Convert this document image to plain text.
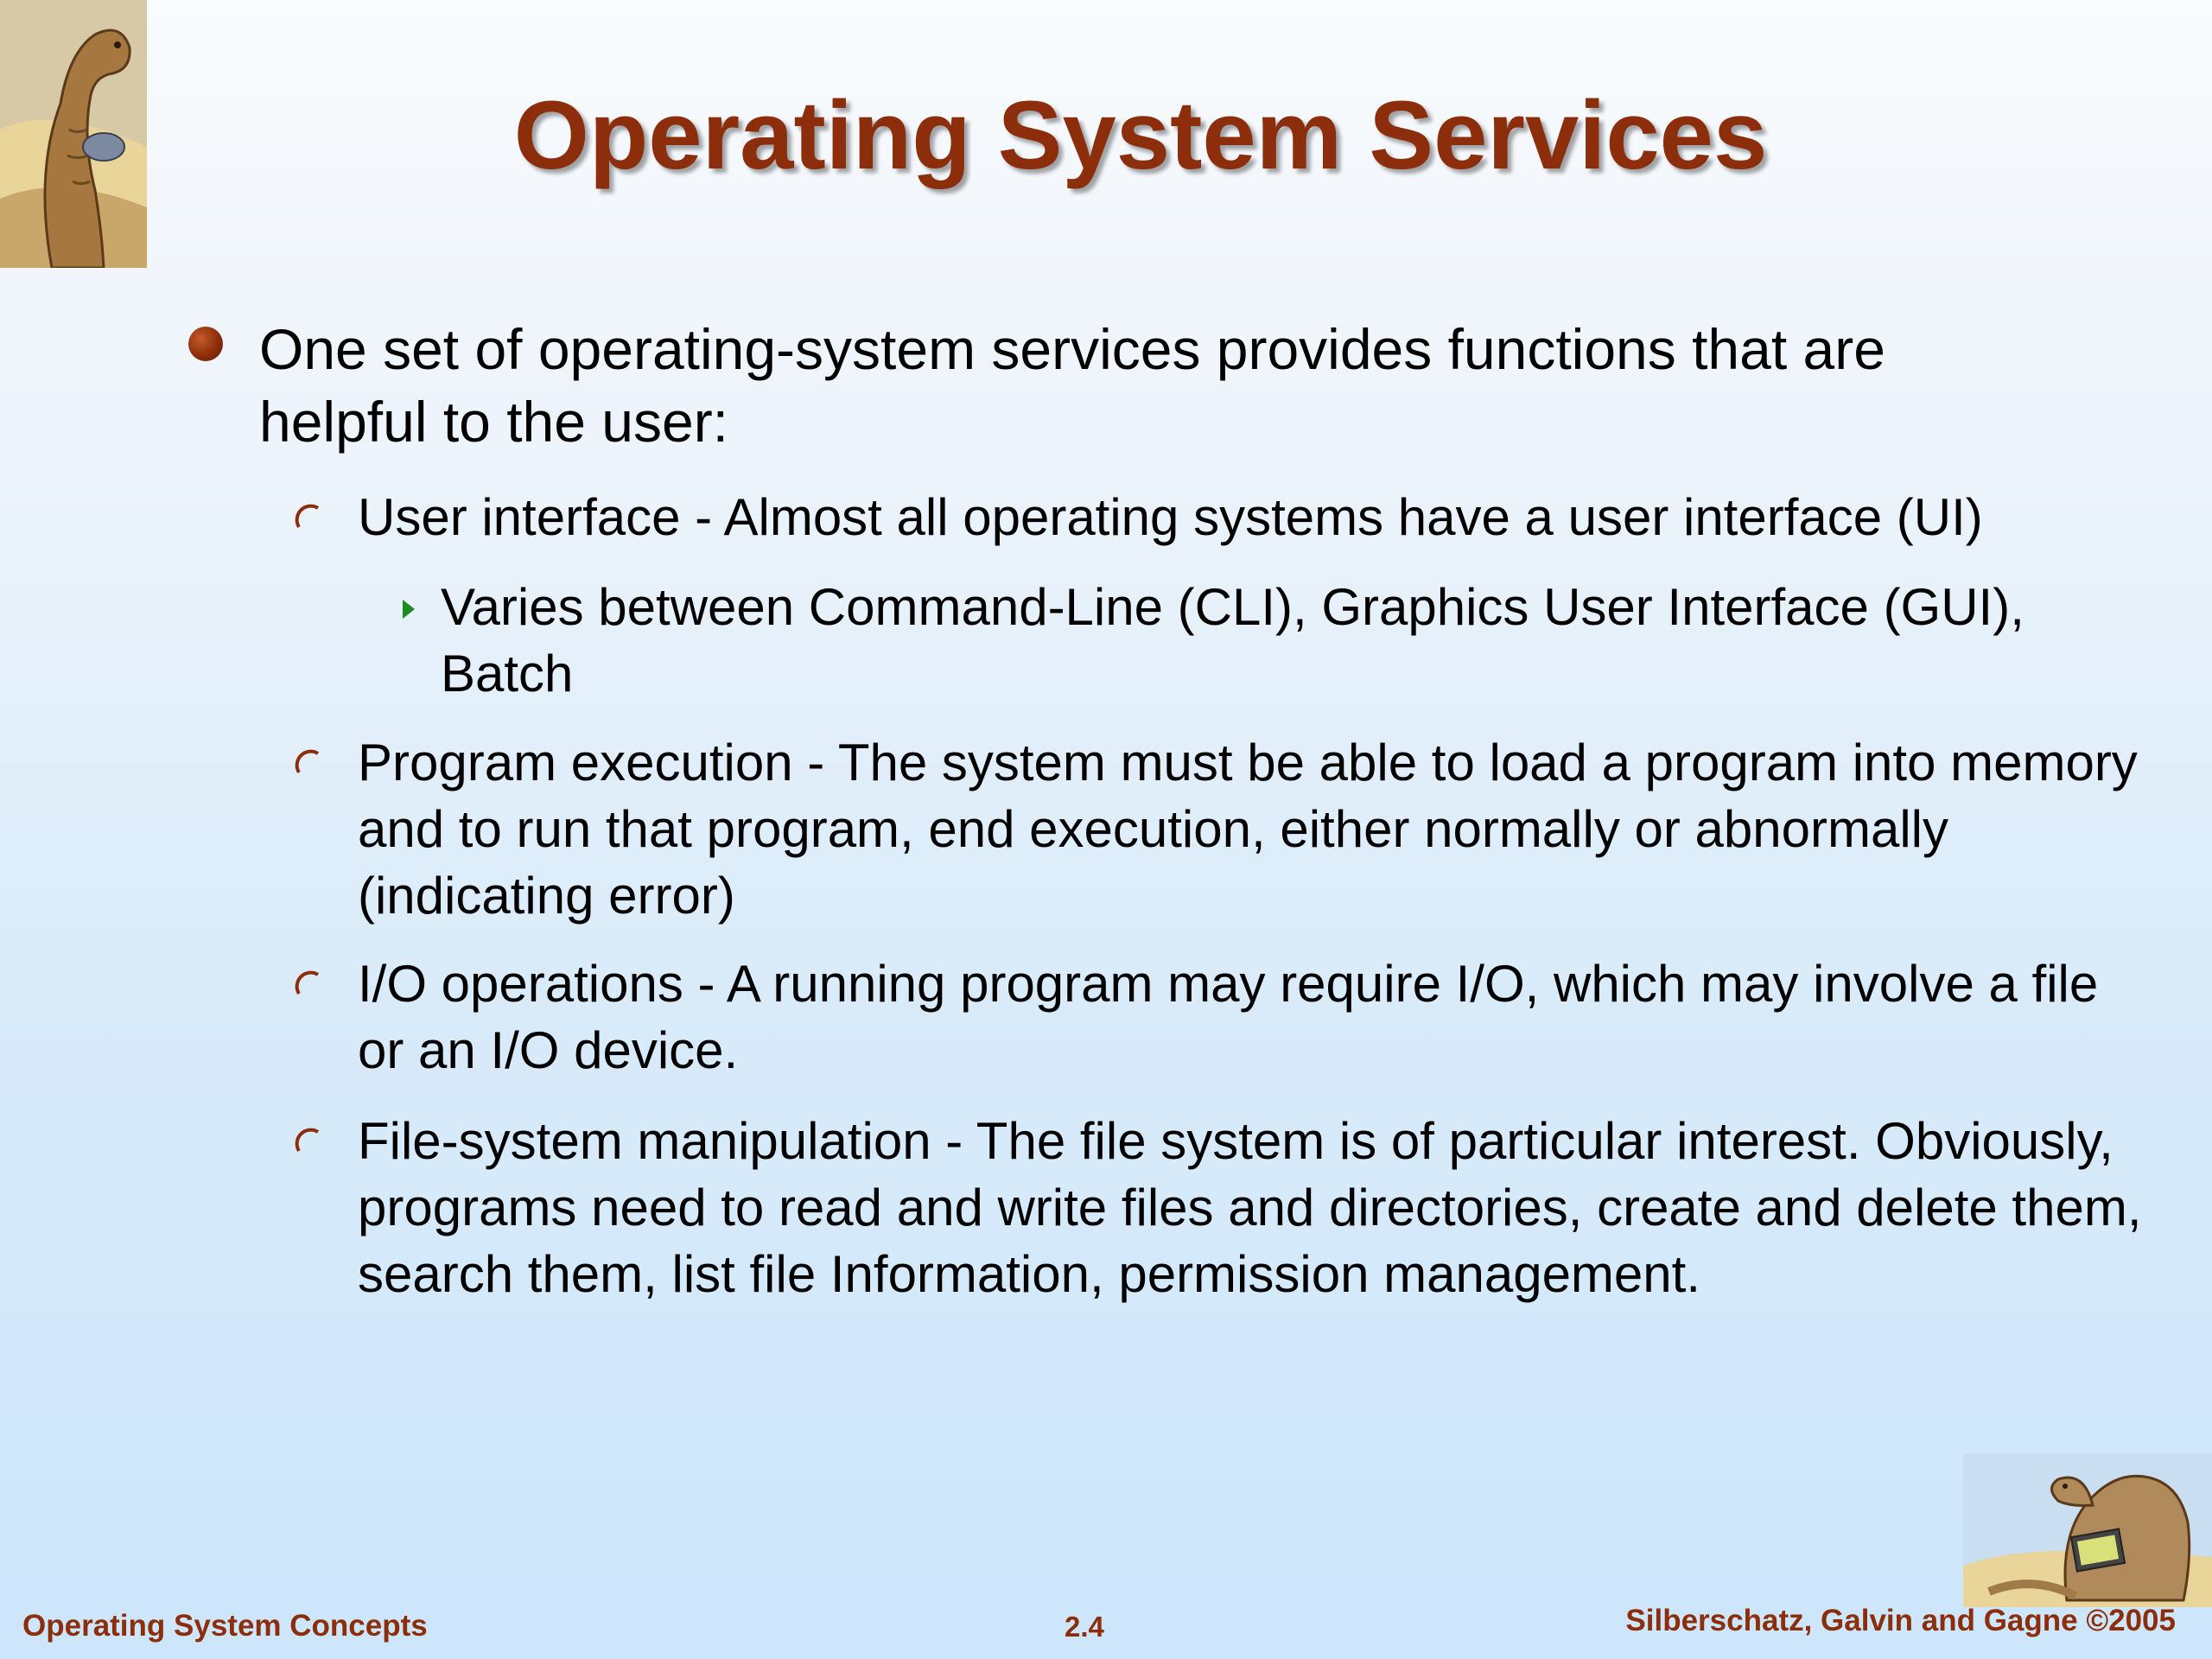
Operating System Services
One set of operating-system services provides functions that are helpful to the user:
User interface - Almost all operating systems have a user interface (UI)
Varies between Command-Line (CLI), Graphics User Interface (GUI), Batch
Program execution - The system must be able to load a program into memory and to run that program, end execution, either normally or abnormally (indicating error)
I/O operations - A running program may require I/O, which may involve a file or an I/O device.
File-system manipulation - The file system is of particular interest. Obviously, programs need to read and write files and directories, create and delete them, search them, list file Information, permission management.
Operating System Concepts	2.4	Silberschatz, Galvin and Gagne ©2005
